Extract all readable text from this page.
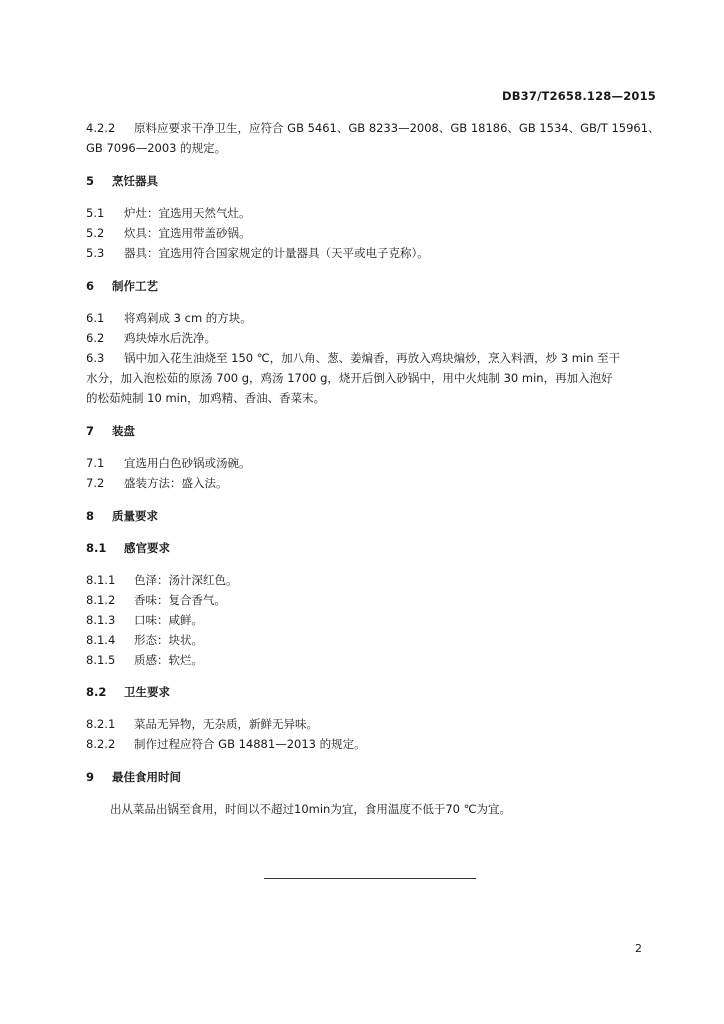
DB37/T2658.128—2015
4.2.2 原料应要求干净卫生，应符合 GB 5461、GB 8233—2008、GB 18186、GB 1534、GB/T 15961、
GB 7096—2003 的规定。
5 烹饪器具
5.1 炉灶：宜选用天然气灶。
5.2 炊具：宜选用带盖砂锅。
5.3 器具：宜选用符合国家规定的计量器具（天平或电子克称）。
6 制作工艺
6.1 将鸡剁成 3 cm 的方块。
6.2 鸡块焯水后洗净。
6.3 锅中加入花生油烧至 150 ℃，加八角、葱、姜煸香，再放入鸡块煸炒，烹入料酒，炒 3 min 至干
水分，加入泡松茹的原汤 700 g，鸡汤 1700 g，烧开后倒入砂锅中，用中火炖制 30 min，再加入泡好
的松茹炖制 10 min，加鸡精、香油、香菜末。
7 装盘
7.1 宜选用白色砂锅或汤碗。
7.2 盛装方法：盛入法。
8 质量要求
8.1 感官要求
8.1.1 色泽：汤汁深红色。
8.1.2 香味：复合香气。
8.1.3 口味：咸鲜。
8.1.4 形态：块状。
8.1.5 质感：软烂。
8.2 卫生要求
8.2.1 菜品无异物，无杂质，新鲜无异味。
8.2.2 制作过程应符合 GB 14881—2013 的规定。
9 最佳食用时间
出从菜品出锅至食用，时间以不超过10min为宜，食用温度不低于70 ℃为宜。
2
